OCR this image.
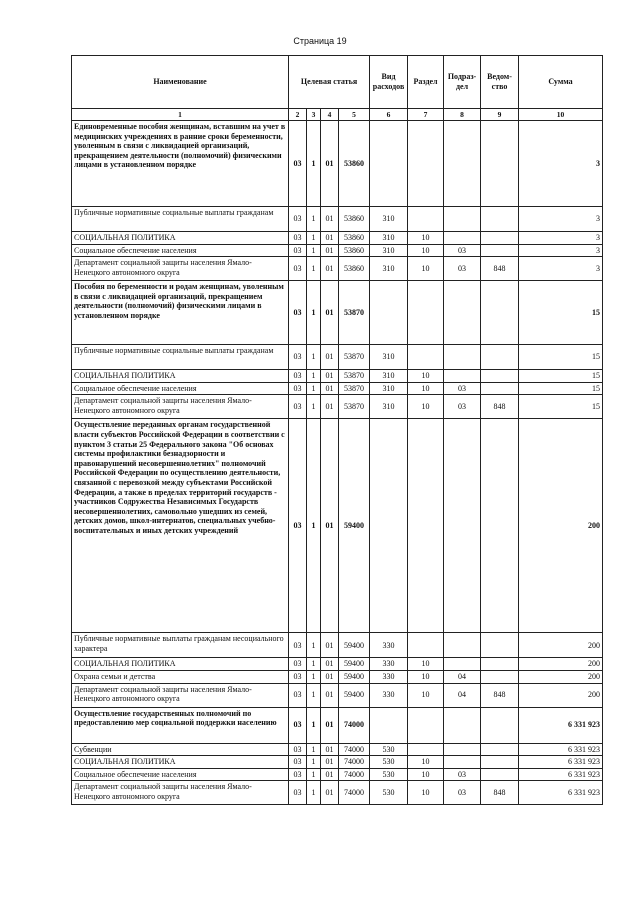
Страница 19
Наименование	Целевая статья				Вид расходов	Раздел	Подраз-дел	Ведом-ство	Сумма
1	2	3	4	5	6	7	8	9	10
Единовременные пособия женщинам, вставшим на учет в медицинских учреждениях в ранние сроки беременности, уволенным в связи с ликвидацией организаций, прекращением деятельности (полномочий) физическими лицами в установленном порядке	03	1	01	53860					3
Публичные нормативные социальные выплаты гражданам	03	1	01	53860	310				3
СОЦИАЛЬНАЯ ПОЛИТИКА	03	1	01	53860	310	10			3
Социальное обеспечение населения	03	1	01	53860	310	10	03		3
Департамент социальной защиты населения Ямало-Ненецкого автономного округа	03	1	01	53860	310	10	03	848	3
Пособия по беременности и родам женщинам, уволенным в связи с ликвидацией организаций, прекращением деятельности (полномочий) физическими лицами в установленном порядке	03	1	01	53870					15
Публичные нормативные социальные выплаты гражданам	03	1	01	53870	310				15
СОЦИАЛЬНАЯ ПОЛИТИКА	03	1	01	53870	310	10			15
Социальное обеспечение населения	03	1	01	53870	310	10	03		15
Департамент социальной защиты населения Ямало-Ненецкого автономного округа	03	1	01	53870	310	10	03	848	15
Осуществление переданных органам государственной власти субъектов Российской Федерации в соответствии с пунктом 3 статьи 25 Федерального закона "Об основах системы профилактики безнадзорности и правонарушений несовершеннолетних" полномочий Российской Федерации по осуществлению деятельности, связанной с перевозкой между субъектами Российской Федерации, а также в пределах территорий государств - участников Содружества Независимых Государств несовершеннолетних, самовольно ушедших из семей, детских домов, школ-интернатов, специальных учебно-воспитательных и иных детских учреждений	03	1	01	59400					200
Публичные нормативные выплаты гражданам несоциального характера	03	1	01	59400	330				200
СОЦИАЛЬНАЯ ПОЛИТИКА	03	1	01	59400	330	10			200
Охрана семьи и детства	03	1	01	59400	330	10	04		200
Департамент социальной защиты населения Ямало-Ненецкого автономного округа	03	1	01	59400	330	10	04	848	200
Осуществление государственных полномочий по предоставлению мер социальной поддержки населению	03	1	01	74000					6 331 923
Субвенции	03	1	01	74000	530				6 331 923
СОЦИАЛЬНАЯ ПОЛИТИКА	03	1	01	74000	530	10			6 331 923
Социальное обеспечение населения	03	1	01	74000	530	10	03		6 331 923
Департамент социальной защиты населения Ямало-Ненецкого автономного округа	03	1	01	74000	530	10	03	848	6 331 923
